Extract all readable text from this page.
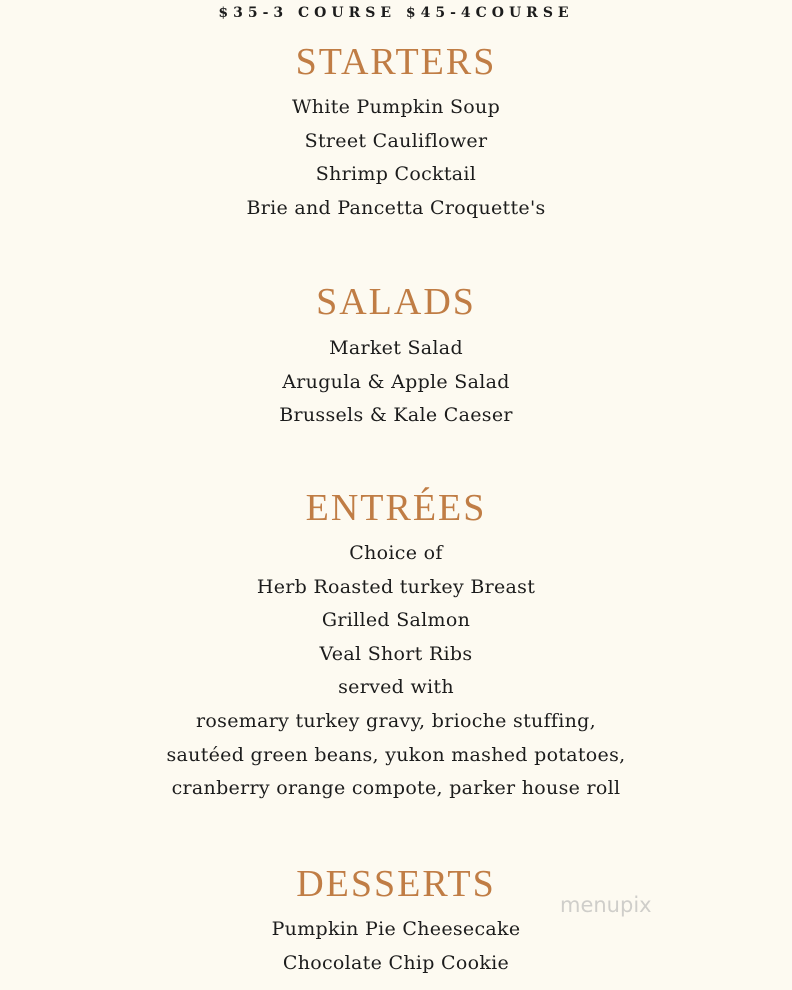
$35-3 COURSE $45-4COURSE
STARTERS
White Pumpkin Soup
Street Cauliflower
Shrimp Cocktail
Brie and Pancetta Croquette's
SALADS
Market Salad
Arugula & Apple Salad
Brussels & Kale Caeser
ENTRÉES
Choice of
Herb Roasted turkey Breast
Grilled Salmon
Veal Short Ribs
served with
rosemary turkey gravy, brioche stuffing,
sautéed green beans, yukon mashed potatoes,
cranberry orange compote, parker house roll
DESSERTS
Pumpkin Pie Cheesecake
Chocolate Chip Cookie
menupix
